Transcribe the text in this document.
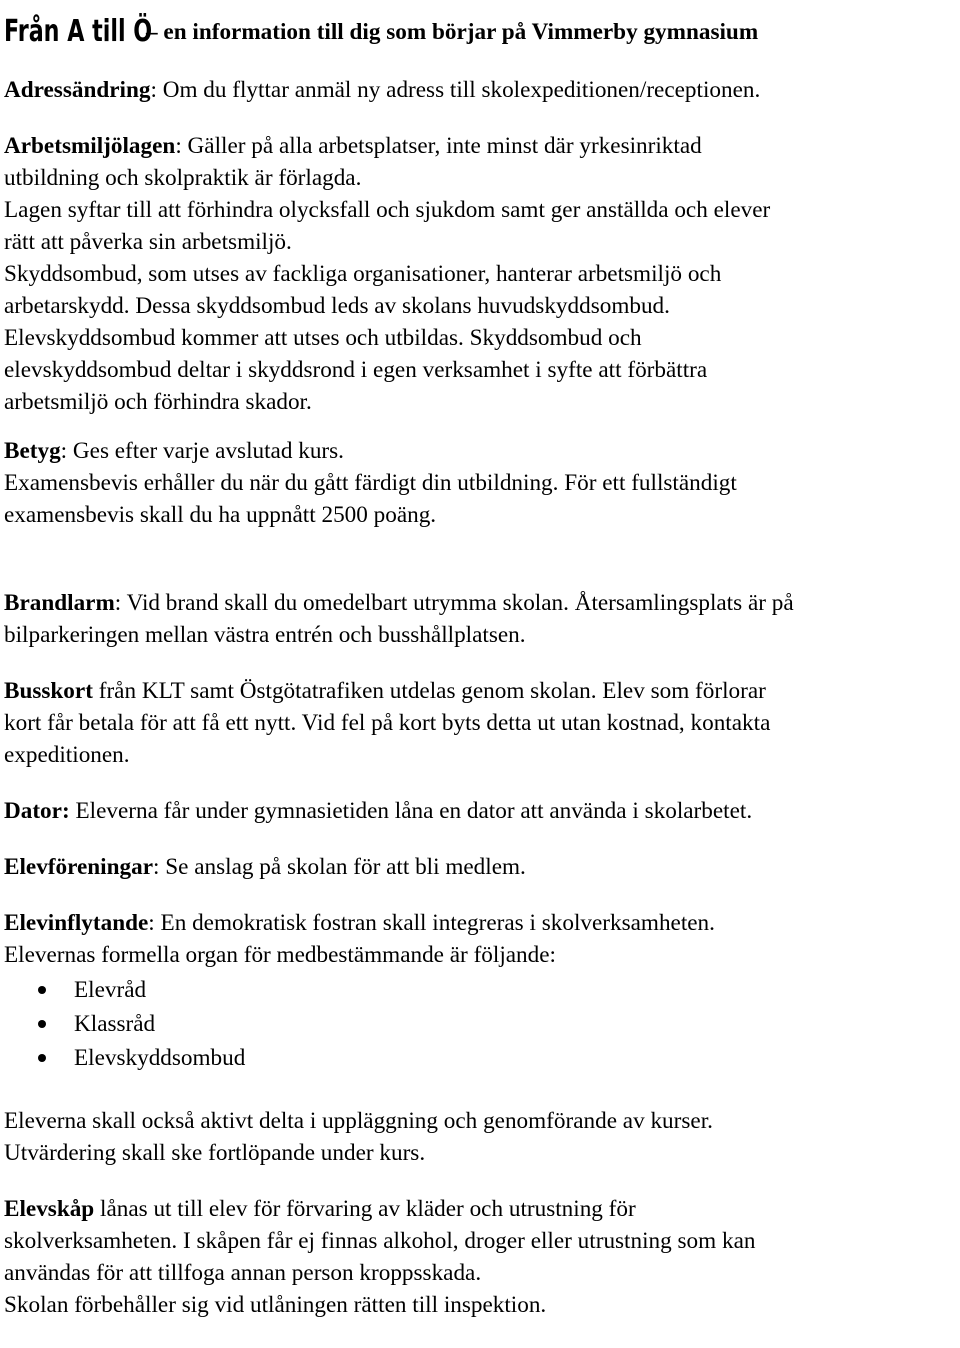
Från A till Ö – en information till dig som börjar på Vimmerby gymnasium

Adressändring: Om du flyttar anmäl ny adress till skolexpeditionen/receptionen.

Arbetsmiljölagen: Gäller på alla arbetsplatser, inte minst där yrkesinriktad
utbildning och skolpraktik är förlagda.
Lagen syftar till att förhindra olycksfall och sjukdom samt ger anställda och elever
rätt att påverka sin arbetsmiljö.
Skyddsombud, som utses av fackliga organisationer, hanterar arbetsmiljö och
arbetarskydd. Dessa skyddsombud leds av skolans huvudskyddsombud.
Elevskyddsombud kommer att utses och utbildas. Skyddsombud och
elevskyddsombud deltar i skyddsrond i egen verksamhet i syfte att förbättra
arbetsmiljö och förhindra skador.

Betyg: Ges efter varje avslutad kurs.
Examensbevis erhåller du när du gått färdigt din utbildning. För ett fullständigt
examensbevis skall du ha uppnått 2500 poäng.

Brandlarm: Vid brand skall du omedelbart utrymma skolan. Återsamlingsplats är på
bilparkeringen mellan västra entrén och busshållplatsen.

Busskort från KLT samt Östgötatrafiken utdelas genom skolan. Elev som förlorar
kort får betala för att få ett nytt. Vid fel på kort byts detta ut utan kostnad, kontakta
expeditionen.

Dator: Eleverna får under gymnasietiden låna en dator att använda i skolarbetet.

Elevföreningar: Se anslag på skolan för att bli medlem.

Elevinflytande: En demokratisk fostran skall integreras i skolverksamheten.
Elevernas formella organ för medbestämmande är följande:

Elevråd
Klassråd
Elevskyddsombud

Eleverna skall också aktivt delta i uppläggning och genomförande av kurser.
Utvärdering skall ske fortlöpande under kurs.

Elevskåp lånas ut till elev för förvaring av kläder och utrustning för
skolverksamheten. I skåpen får ej finnas alkohol, droger eller utrustning som kan
användas för att tillfoga annan person kroppsskada.
Skolan förbehåller sig vid utlåningen rätten till inspektion.
